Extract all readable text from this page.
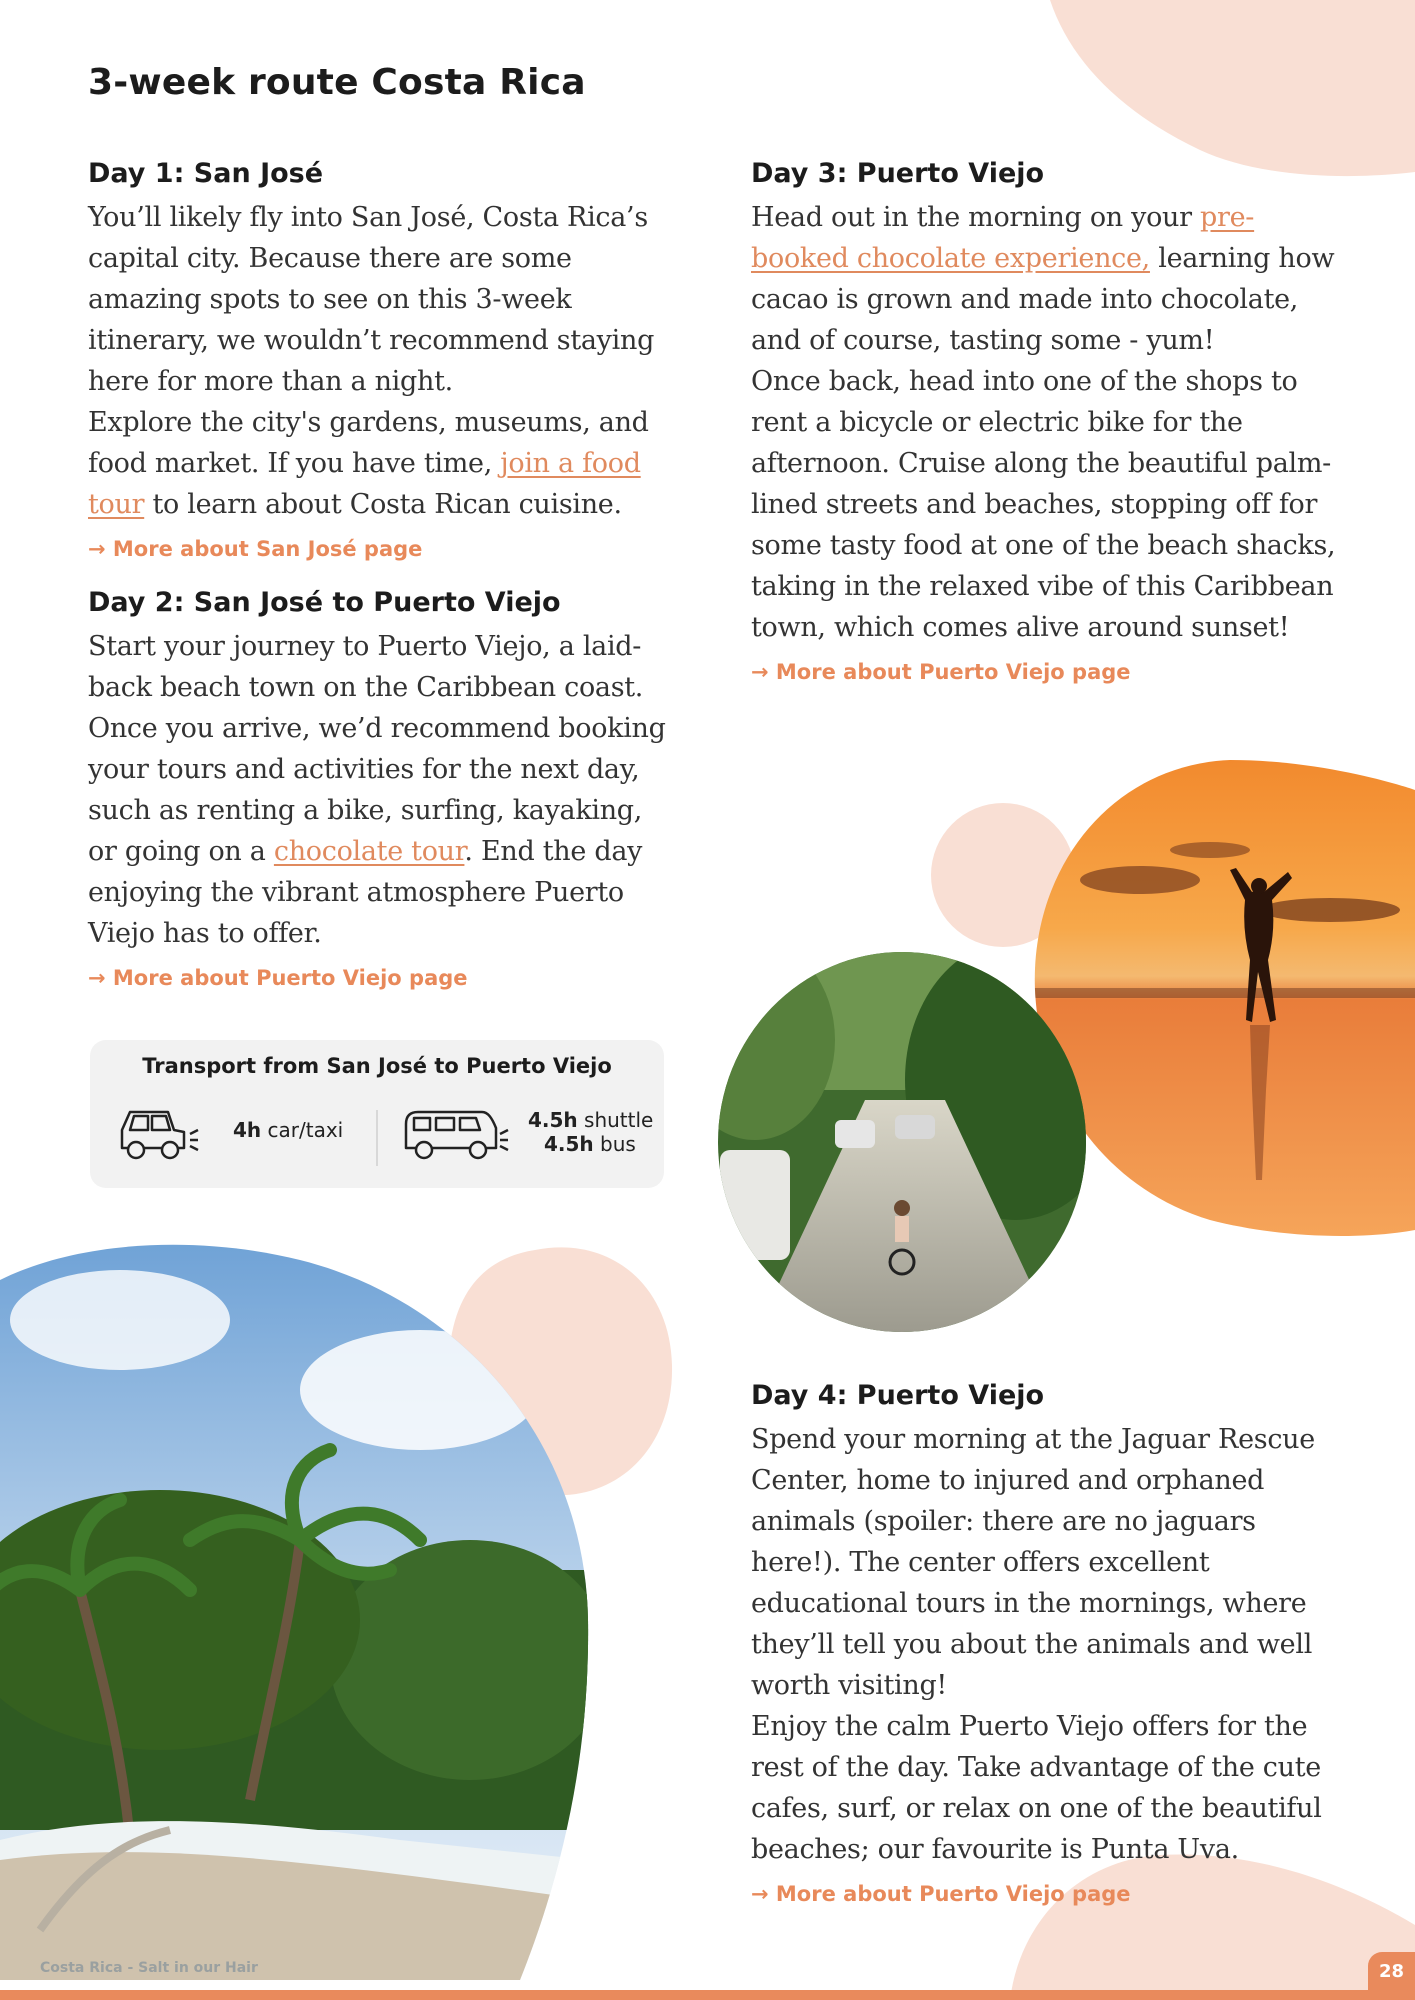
3-week route Costa Rica
Day 1: San José

You’ll likely fly into San José, Costa Rica’s capital city. Because there are some amazing spots to see on this 3-week itinerary, we wouldn’t recommend staying here for more than a night.

Explore the city's gardens, museums, and food market. If you have time, join a food tour to learn about Costa Rican cuisine.

→ More about San José page
Day 2: San José to Puerto Viejo

Start your journey to Puerto Viejo, a laid-back beach town on the Caribbean coast. Once you arrive, we’d recommend booking your tours and activities for the next day, such as renting a bike, surfing, kayaking, or going on a chocolate tour. End the day enjoying the vibrant atmosphere Puerto Viejo has to offer.

→ More about Puerto Viejo page
Transport from San José to Puerto Viejo
4h car/taxi	4.5h shuttle
4.5h bus
Day 3: Puerto Viejo

Head out in the morning on your pre-booked chocolate experience, learning how cacao is grown and made into chocolate, and of course, tasting some - yum!

Once back, head into one of the shops to rent a bicycle or electric bike for the afternoon. Cruise along the beautiful palm-lined streets and beaches, stopping off for some tasty food at one of the beach shacks, taking in the relaxed vibe of this Caribbean town, which comes alive around sunset!

→ More about Puerto Viejo page
Day 4: Puerto Viejo

Spend your morning at the Jaguar Rescue Center, home to injured and orphaned animals (spoiler: there are no jaguars here!). The center offers excellent educational tours in the mornings, where they’ll tell you about the animals and well worth visiting!

Enjoy the calm Puerto Viejo offers for the rest of the day. Take advantage of the cute cafes, surf, or relax on one of the beautiful beaches; our favourite is Punta Uva.

→ More about Puerto Viejo page
Costa Rica - Salt in our Hair	28
